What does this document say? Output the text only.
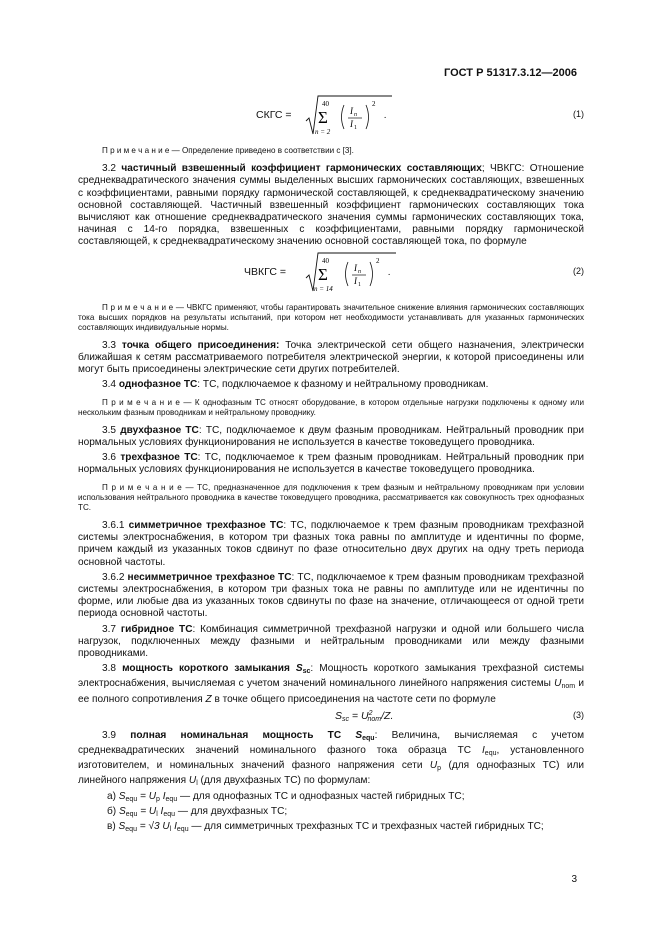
ГОСТ Р 51317.3.12—2006
СКГС =
40
Σ
n = 2
I n
I 1
2
.	(1)

П р и м е ч а н и е — Определение приведено в соответствии с [3].

3.2 частичный взвешенный коэффициент гармонических составляющих; ЧВКГС: Отношение среднеквадратического значения суммы выделенных высших гармонических составляющих, взвешенных с коэффициентами, равными порядку гармонической составляющей, к среднеквадратическому значению основной составляющей. Частичный взвешенный коэффициент гармонических составляющих тока вычисляют как отношение среднеквадратического значения суммы гармонических составляющих тока, начиная с 14-го порядка, взвешенных с коэффициентами, равными порядку гармонической составляющей, к среднеквадратическому значению основной составляющей тока, по формуле

ЧВКГС =
40
Σ
n = 14
I n
I 1
2
.	(2)

П р и м е ч а н и е — ЧВКГС применяют, чтобы гарантировать значительное снижение влияния гармонических составляющих тока высших порядков на результаты испытаний, при котором нет необходимости устанавливать для указанных гармонических составляющих индивидуальные нормы.

3.3 точка общего присоединения: Точка электрической сети общего назначения, электрически ближайшая к сетям рассматриваемого потребителя электрической энергии, к которой присоединены или могут быть присоединены электрические сети других потребителей.

3.4 однофазное ТС: ТС, подключаемое к фазному и нейтральному проводникам.

П р и м е ч а н и е — К однофазным ТС относят оборудование, в котором отдельные нагрузки подключены к одному или нескольким фазным проводникам и нейтральному проводнику.

3.5 двухфазное ТС: ТС, подключаемое к двум фазным проводникам. Нейтральный проводник при нормальных условиях функционирования не используется в качестве токоведущего проводника.

3.6 трехфазное ТС: ТС, подключаемое к трем фазным проводникам. Нейтральный проводник при нормальных условиях функционирования не используется в качестве токоведущего проводника.

П р и м е ч а н и е — ТС, предназначенное для подключения к трем фазным и нейтральному проводникам при условии использования нейтрального проводника в качестве токоведущего проводника, рассматривается как совокупность трех однофазных ТС.

3.6.1 симметричное трехфазное ТС: ТС, подключаемое к трем фазным проводникам трехфазной системы электроснабжения, в котором три фазных тока равны по амплитуде и идентичны по форме, причем каждый из указанных токов сдвинут по фазе относительно двух других на одну треть периода основной частоты.

3.6.2 несимметричное трехфазное ТС: ТС, подключаемое к трем фазным проводникам трехфазной системы электроснабжения, в котором три фазных тока не равны по амплитуде или не идентичны по форме, или любые два из указанных токов сдвинуты по фазе на значение, отличающееся от одной трети периода основной частоты.

3.7 гибридное ТС: Комбинация симметричной трехфазной нагрузки и одной или большего числа нагрузок, подключенных между фазными и нейтральным проводниками или между фазными проводниками.

3.8 мощность короткого замыкания $S_{sc}$: Мощность короткого замыкания трехфазной системы электроснабжения, вычисляемая с учетом значений номинального линейного напряжения системы $U_{nom}$ и ее полного сопротивления Z в точке общего присоединения на частоте сети по формуле

$S_{sc} = U^2_{nom}/Z$.	(3)

3.9 полная номинальная мощность ТС $S_{equ}$: Величина, вычисляемая с учетом среднеквадратических значений номинального фазного тока образца ТС $I_{equ}$, установленного изготовителем, и номинальных значений фазного напряжения сети $U_p$ (для однофазных ТС) или линейного напряжения $U_l$ (для двухфазных ТС) по формулам:

а) $S_{equ} = U_p$ $I_{equ}$ — для однофазных ТС и однофазных частей гибридных ТС;

б) $S_{equ} = U_l$ $I_{equ}$ — для двухфазных ТС;

в) $S_{equ} = √3$ $U_l$ $I_{equ}$ — для симметричных трехфазных ТС и трехфазных частей гибридных ТС;

3
